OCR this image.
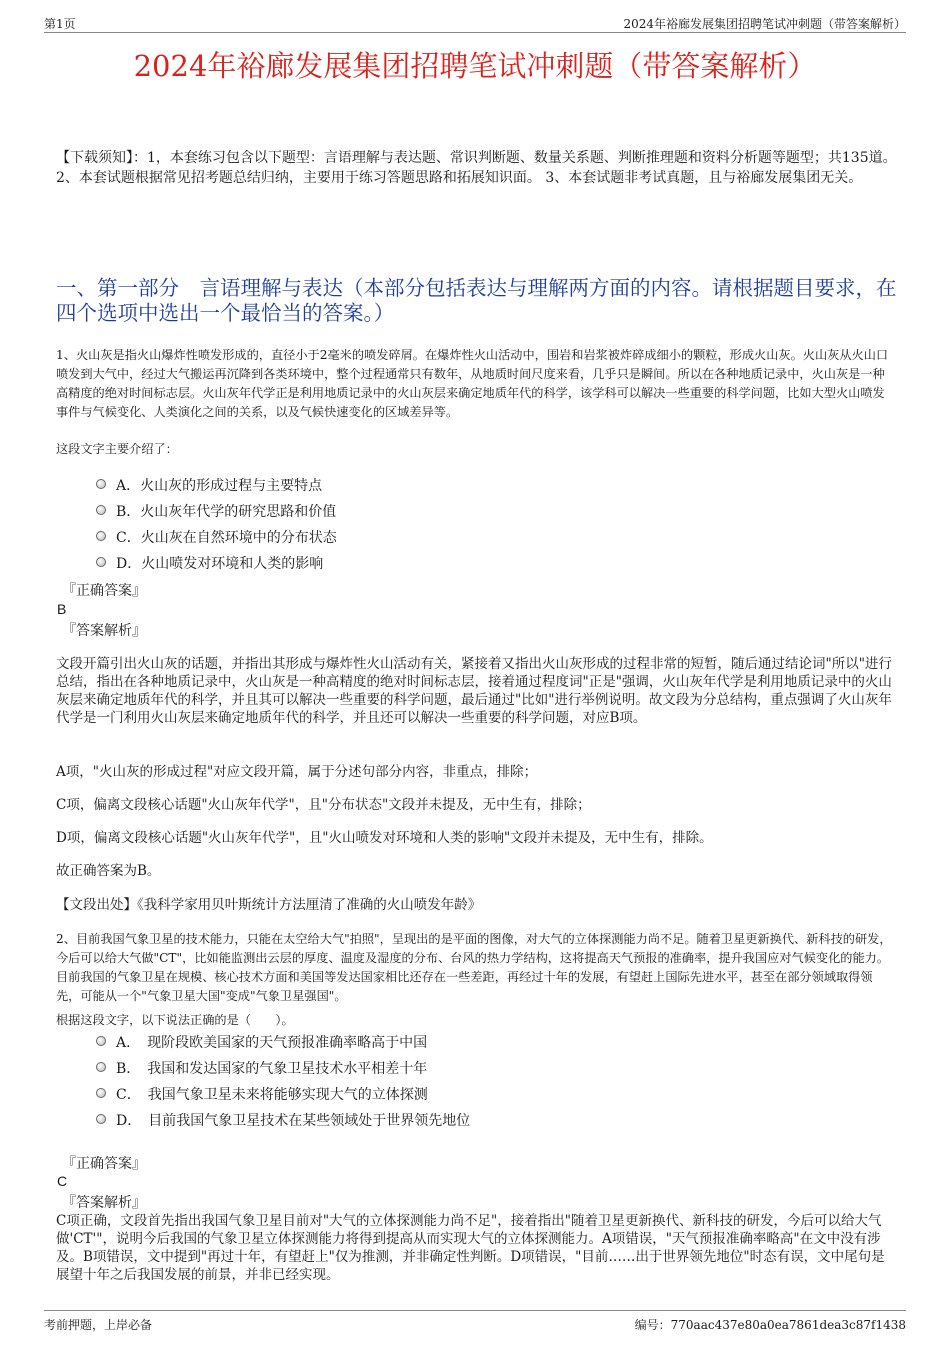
第1页	2024年裕廊发展集团招聘笔试冲刺题（带答案解析）
2024年裕廊发展集团招聘笔试冲刺题（带答案解析）
【下载须知】：1，本套练习包含以下题型：言语理解与表达题、常识判断题、数量关系题、判断推理题和资料分析题等题型；共135道。 2、本套试题根据常见招考题总结归纳，主要用于练习答题思路和拓展知识面。 3、本套试题非考试真题，且与裕廊发展集团无关。
一、第一部分　言语理解与表达（本部分包括表达与理解两方面的内容。请根据题目要求，在四个选项中选出一个最恰当的答案。）
1、火山灰是指火山爆炸性喷发形成的，直径小于2毫米的喷发碎屑。在爆炸性火山活动中，围岩和岩浆被炸碎成细小的颗粒，形成火山灰。火山灰从火山口喷发到大气中，经过大气搬运再沉降到各类环境中，整个过程通常只有数年，从地质时间尺度来看，几乎只是瞬间。所以在各种地质记录中，火山灰是一种高精度的绝对时间标志层。火山灰年代学正是利用地质记录中的火山灰层来确定地质年代的科学，该学科可以解决一些重要的科学问题，比如大型火山喷发事件与气候变化、人类演化之间的关系，以及气候快速变化的区域差异等。
这段文字主要介绍了：
A．火山灰的形成过程与主要特点
B．火山灰年代学的研究思路和价值
C．火山灰在自然环境中的分布状态
D．火山喷发对环境和人类的影响
『正确答案』
B
『答案解析』
文段开篇引出火山灰的话题，并指出其形成与爆炸性火山活动有关，紧接着又指出火山灰形成的过程非常的短暂，随后通过结论词"所以"进行总结，指出在各种地质记录中，火山灰是一种高精度的绝对时间标志层，接着通过程度词"正是"强调，火山灰年代学是利用地质记录中的火山灰层来确定地质年代的科学，并且其可以解决一些重要的科学问题，最后通过"比如"进行举例说明。故文段为分总结构，重点强调了火山灰年代学是一门利用火山灰层来确定地质年代的科学，并且还可以解决一些重要的科学问题，对应B项。
A项，"火山灰的形成过程"对应文段开篇，属于分述句部分内容，非重点，排除；
C项，偏离文段核心话题"火山灰年代学"，且"分布状态"文段并未提及，无中生有，排除；
D项，偏离文段核心话题"火山灰年代学"，且"火山喷发对环境和人类的影响"文段并未提及，无中生有，排除。
故正确答案为B。
【文段出处】《我科学家用贝叶斯统计方法厘清了准确的火山喷发年龄》
2、目前我国气象卫星的技术能力，只能在太空给大气"拍照"，呈现出的是平面的图像，对大气的立体探测能力尚不足。随着卫星更新换代、新科技的研发，今后可以给大气做"CT"，比如能监测出云层的厚度、温度及湿度的分布、台风的热力学结构，这将提高天气预报的准确率，提升我国应对气候变化的能力。目前我国的气象卫星在规模、核心技术方面和美国等发达国家相比还存在一些差距，再经过十年的发展，有望赶上国际先进水平，甚至在部分领域取得领先，可能从一个"气象卫星大国"变成"气象卫星强国"。
根据这段文字，以下说法正确的是（　　）。
A．　现阶段欧美国家的天气预报准确率略高于中国
B．　我国和发达国家的气象卫星技术水平相差十年
C．　我国气象卫星未来将能够实现大气的立体探测
D．　目前我国气象卫星技术在某些领域处于世界领先地位
『正确答案』
C
『答案解析』
C项正确，文段首先指出我国气象卫星目前对"大气的立体探测能力尚不足"，接着指出"随着卫星更新换代、新科技的研发，今后可以给大气做'CT'"，说明今后我国的气象卫星立体探测能力将得到提高从而实现大气的立体探测能力。A项错误，"天气预报准确率略高"在文中没有涉及。B项错误，文中提到"再过十年，有望赶上"仅为推测，并非确定性判断。D项错误，"目前……出于世界领先地位"时态有误，文中尾句是展望十年之后我国发展的前景，并非已经实现。
考前押题，上岸必备	编号：770aac437e80a0ea7861dea3c87f1438
